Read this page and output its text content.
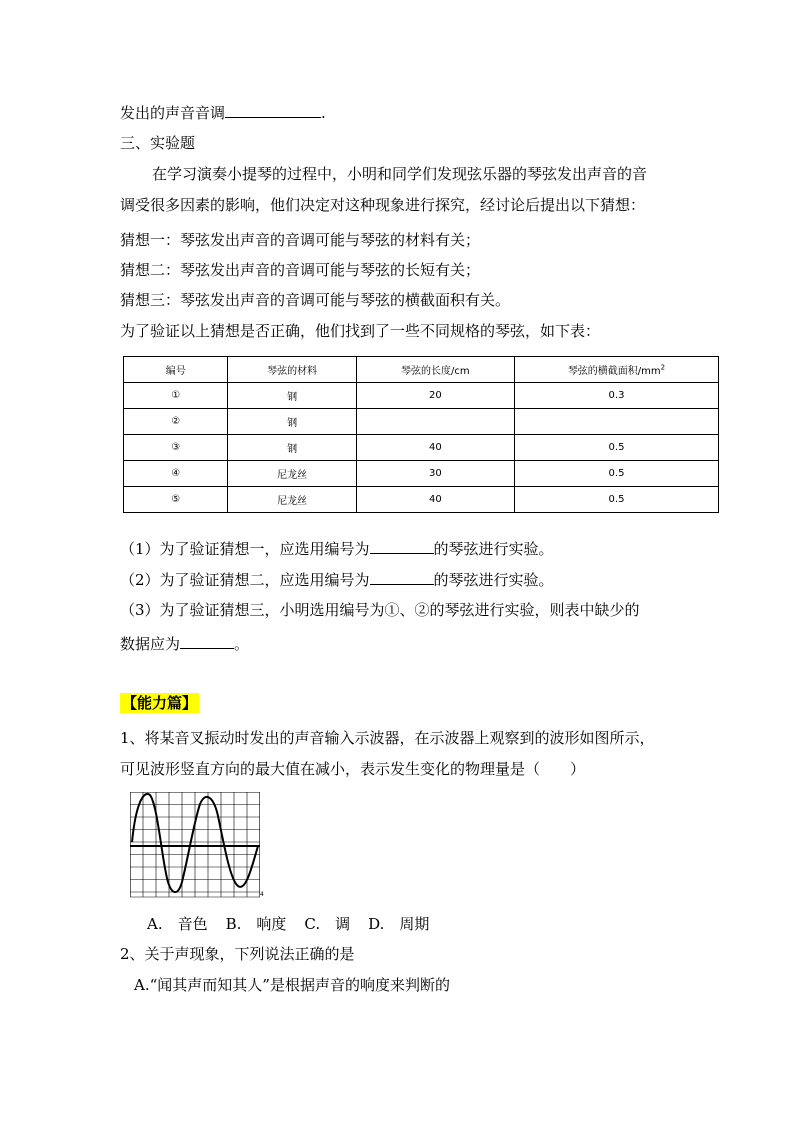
发出的声音音调	.
三、实验题
在学习演奏小提琴的过程中，小明和同学们发现弦乐器的琴弦发出声音的音
调受很多因素的影响，他们决定对这种现象进行探究，经讨论后提出以下猜想：
猜想一：琴弦发出声音的音调可能与琴弦的材料有关；
猜想二：琴弦发出声音的音调可能与琴弦的长短有关；
猜想三：琴弦发出声音的音调可能与琴弦的横截面积有关。
为了验证以上猜想是否正确，他们找到了一些不同规格的琴弦，如下表：
编号	琴弦的材料	琴弦的长度/cm	琴弦的横截面积$/mm^2$
①	钢	20	0.3
②	钢		
③	钢	40	0.5
④	尼龙丝	30	0.5
⑤	尼龙丝	40	0.5
（1）为了验证猜想一，应选用编号为	的琴弦进行实验。
（2）为了验证猜想二，应选用编号为	的琴弦进行实验。
（3）为了验证猜想三，小明选用编号为①、②的琴弦进行实验，则表中缺少的
数据应为	。
【能力篇】
1、将某音叉振动时发出的声音输入示波器，在示波器上观察到的波形如图所示，
可见波形竖直方向的最大值在减小，表示发生变化的物理量是（　　）
4
A.　音色 B.　响度 C.　调 D.　周期
2、关于声现象，下列说法正确的是
A.“闻其声而知其人”是根据声音的响度来判断的
